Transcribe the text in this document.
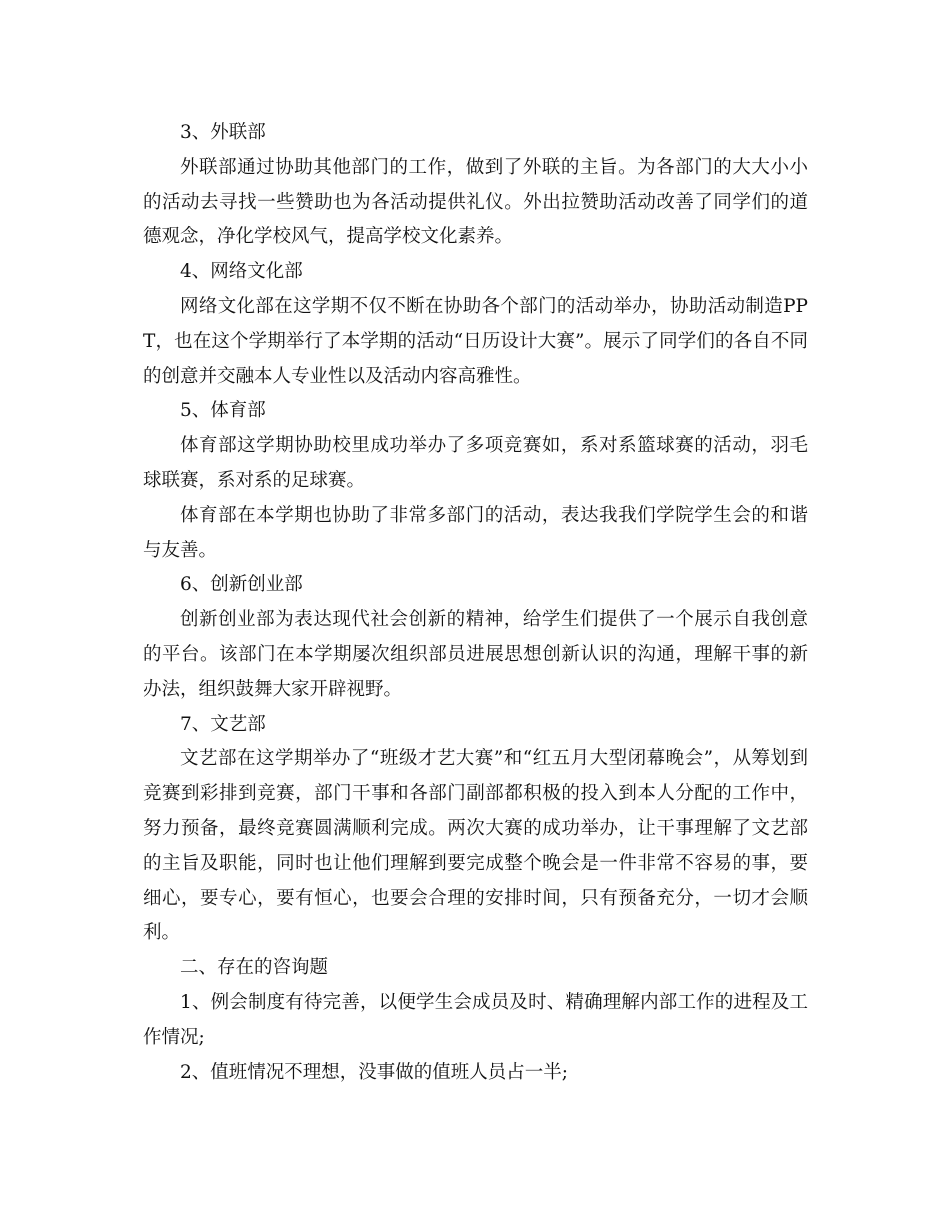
3、外联部

外联部通过协助其他部门的工作，做到了外联的主旨。为各部门的大大小小的活动去寻找一些赞助也为各活动提供礼仪。外出拉赞助活动改善了同学们的道德观念，净化学校风气，提高学校文化素养。

4、网络文化部

网络文化部在这学期不仅不断在协助各个部门的活动举办，协助活动制造PPT，也在这个学期举行了本学期的活动“日历设计大赛”。展示了同学们的各自不同的创意并交融本人专业性以及活动内容高雅性。

5、体育部

体育部这学期协助校里成功举办了多项竞赛如，系对系篮球赛的活动，羽毛球联赛，系对系的足球赛。

体育部在本学期也协助了非常多部门的活动，表达我我们学院学生会的和谐与友善。

6、创新创业部

创新创业部为表达现代社会创新的精神，给学生们提供了一个展示自我创意的平台。该部门在本学期屡次组织部员进展思想创新认识的沟通，理解干事的新办法，组织鼓舞大家开辟视野。

7、文艺部

文艺部在这学期举办了“班级才艺大赛”和“红五月大型闭幕晚会”，从筹划到竞赛到彩排到竞赛，部门干事和各部门副部都积极的投入到本人分配的工作中，努力预备，最终竞赛圆满顺利完成。两次大赛的成功举办，让干事理解了文艺部的主旨及职能，同时也让他们理解到要完成整个晚会是一件非常不容易的事，要细心，要专心，要有恒心，也要会合理的安排时间，只有预备充分，一切才会顺利。

二、存在的咨询题

1、例会制度有待完善，以便学生会成员及时、精确理解内部工作的进程及工作情况;

2、值班情况不理想，没事做的值班人员占一半;
